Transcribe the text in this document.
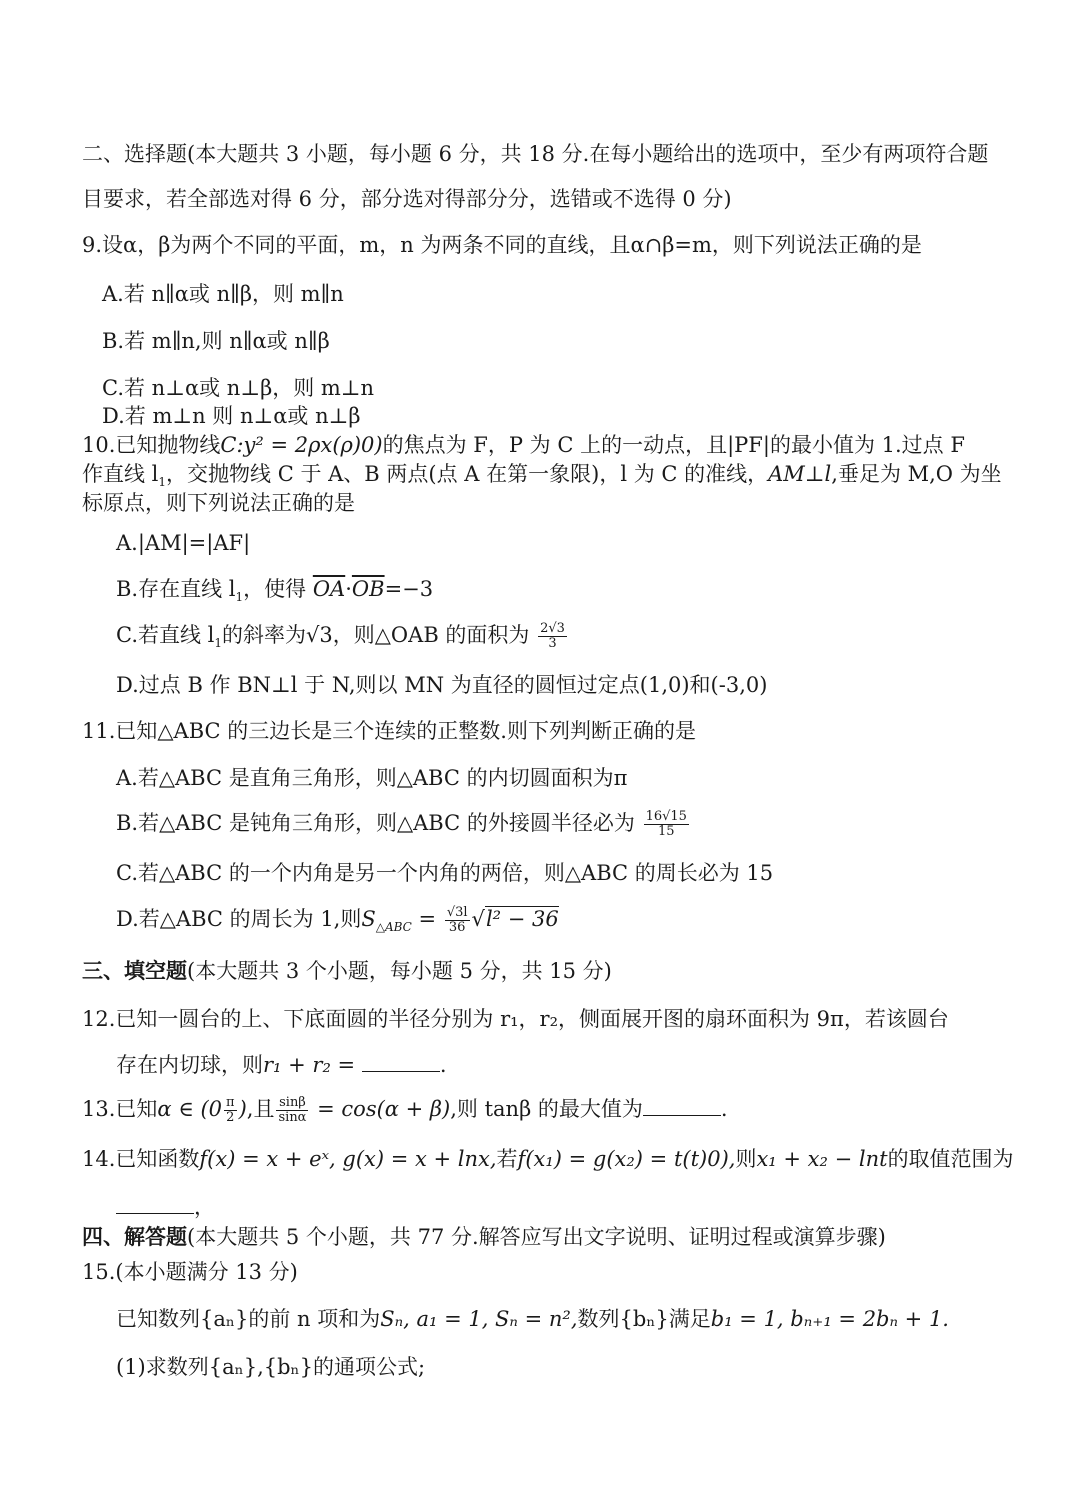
二、选择题(本大题共 3 小题，每小题 6 分，共 18 分.在每小题给出的选项中，至少有两项符合题
目要求，若全部选对得 6 分，部分选对得部分分，选错或不选得 0 分)
9.设α，β为两个不同的平面，m，n 为两条不同的直线，且α∩β=m，则下列说法正确的是
A.若 n∥α或 n∥β，则 m∥n
B.若 m∥n,则 n∥α或 n∥β
C.若 n⊥α或 n⊥β，则 m⊥n
D.若 m⊥n 则 n⊥α或 n⊥β
10.已知抛物线C:y² = 2ρx(ρ)0)的焦点为 F，P 为 C 上的一动点，且|PF|的最小值为 1.过点 F
作直线 $l_1$，交抛物线 C 于 A、B 两点(点 A 在第一象限)，l 为 C 的准线，AM⊥l,垂足为 M,O 为坐
标原点，则下列说法正确的是
A.|AM|=|AF|
B.存在直线 $l_1$，使得 $\overline{OA}\cdot\overline{OB}=-3$
C.若直线 $l_1$的斜率为√3，则△OAB 的面积为 $\frac{2√3}{3}$
D.过点 B 作 BN⊥l 于 N,则以 MN 为直径的圆恒过定点(1,0)和(-3,0)
11.已知△ABC 的三边长是三个连续的正整数.则下列判断正确的是
A.若△ABC 是直角三角形，则△ABC 的内切圆面积为π
B.若△ABC 是钝角三角形，则△ABC 的外接圆半径必为 $\frac{16√15}{15}$
C.若△ABC 的一个内角是另一个内角的两倍，则△ABC 的周长必为 15
D.若△ABC 的周长为 1,则$S_{\triangle ABC} = \frac{√3l}{36} √l^2 - 36$
三、填空题(本大题共 3 个小题，每小题 5 分，共 15 分)
12.已知一圆台的上、下底面圆的半径分别为 r₁，r₂，侧面展开图的扇环面积为 9π，若该圆台
存在内切球，则r₁ + r₂ =	.
13.已知α ∈ ($0 \frac{\pi}{2}$ ),且 $\frac{\sin\beta}{\sin\alpha} = \cos(\alpha + \beta)$,则 tanβ 的最大值为	.
14.已知函数f(x) = x + eˣ, g(x) = x + lnx,若f(x₁) = g(x₂) = t(t)0),则x₁ + x₂ − lnt的取值范围为
，
四、解答题(本大题共 5 个小题，共 77 分.解答应写出文字说明、证明过程或演算步骤)
15.(本小题满分 13 分)
已知数列{aₙ}的前 n 项和为Sₙ, a₁ = 1, Sₙ = n²,数列{bₙ}满足b₁ = 1, bₙ₊₁ = 2bₙ + 1.
(1)求数列{aₙ},{bₙ}的通项公式;
